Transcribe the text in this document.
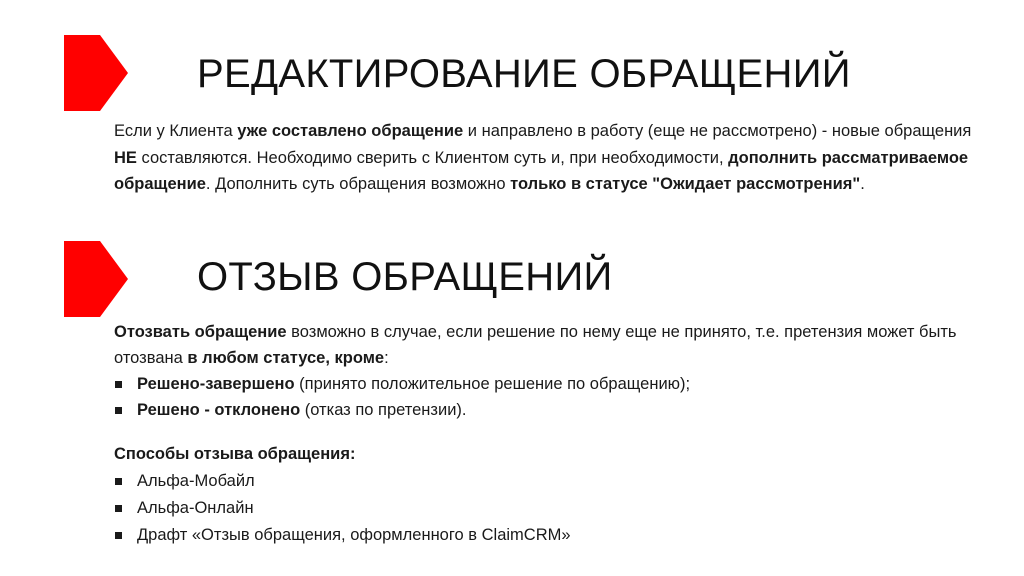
РЕДАКТИРОВАНИЕ ОБРАЩЕНИЙ
Если у Клиента уже составлено обращение и направлено в работу (еще не рассмотрено) - новые обращения НЕ составляются. Необходимо сверить с Клиентом суть и, при необходимости, дополнить рассматриваемое обращение. Дополнить суть обращения возможно только в статусе "Ожидает рассмотрения".
ОТЗЫВ ОБРАЩЕНИЙ
Отозвать обращение возможно в случае, если решение по нему еще не принято, т.е. претензия может быть отозвана в любом статусе, кроме:
Решено-завершено (принято положительное решение по обращению);
Решено - отклонено (отказ по претензии).
Способы отзыва обращения:
Альфа-Мобайл
Альфа-Онлайн
Драфт «Отзыв обращения, оформленного в ClaimCRM»
